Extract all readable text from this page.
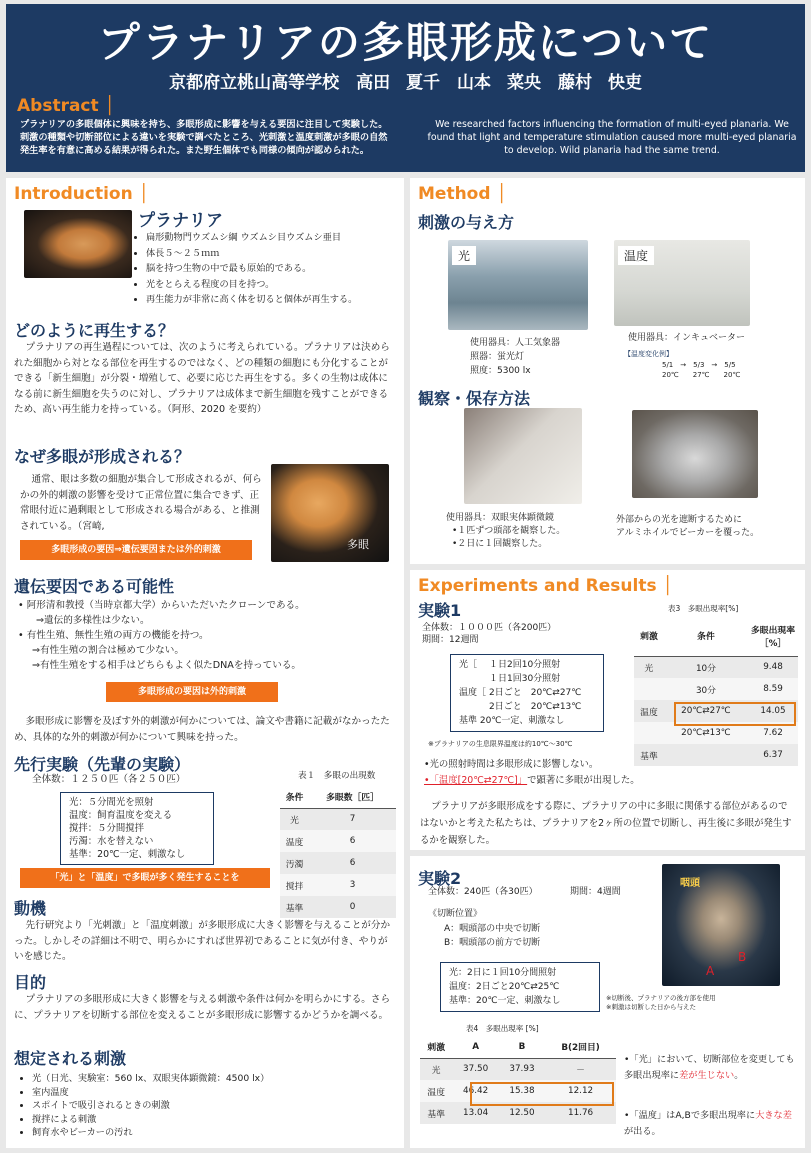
プラナリアの多眼形成について
京都府立桃山高等学校　高田 夏千　山本 菜央　藤村 快吏
Abstract │
プラナリアの多眼個体に興味を持ち、多眼形成に影響を与える要因に注目して実験した。刺激の種類や切断部位による違いを実験で調べたところ、光刺激と温度刺激が多眼の自然発生率を有意に高める結果が得られた。また野生個体でも同様の傾向が認められた。
We researched factors influencing the formation of multi-eyed planaria. We found that light and temperature stimulation caused more multi-eyed planaria to develop. Wild planaria had the same trend.
Introduction │
プラナリア
• 扁形動物門ウズムシ綱 ウズムシ目ウズムシ亜目
• 体長５～２５ｍｍ
• 脳を持つ生物の中で最も原始的である。
• 光をとらえる程度の目を持つ。
• 再生能力が非常に高く体を切ると個体が再生する。
どのように再生する？
プラナリアの再生過程については、次のように考えられている。プラナリアは決められた細胞から対となる部位を再生するのではなく、どの種類の細胞にも分化することができる「新生細胞」が分裂・増殖して、必要に応じた再生をする。多くの生物は成体になる前に新生細胞を失うのに対し、プラナリアは成体まで新生細胞を残すことができるため、高い再生能力を持っている。（阿形、2020 を要約）
なぜ多眼が形成される？
通常、眼は多数の細胞が集合して形成されるが、何らかの外的刺激の影響を受けて正常位置に集合できず、正常眼付近に過剰眼として形成される場合がある、と推測されている。（宮崎,
多眼
多眼形成の要因⇒遺伝要因または外的刺激
遺伝要因である可能性
• 阿形清和教授（当時京都大学）からいただいたクローンである。
⇒遺伝的多様性は少ない。
• 有性生殖、無性生殖の両方の機能を持つ。
⇒有性生殖の割合は極めて少ない。
⇒有性生殖をする相手はどちらもよく似たDNAを持っている。
多眼形成の要因は外的刺激
多眼形成に影響を及ぼす外的刺激が何かについては、論文や書籍に記載がなかったため、具体的な外的刺激が何かについて興味を持った。
先行実験（先輩の実験）
全体数：１２５０匹（各２５０匹）
光：５分間光を照射
温度：飼育温度を変える
撹拌：５分間撹拌
汚濁：水を替えない
基準：20℃一定、刺激なし
「光」と「温度」で多眼が多く発生することを
表１　多眼の出現数
条件	多眼数［匹］
光	7
温度	6
汚濁	6
撹拌	3
基準	0
動機
先行研究より「光刺激」と「温度刺激」が多眼形成に大きく影響を与えることが分かった。しかしその詳細は不明で、明らかにすれば世界初であることに気が付き、やりがいを感じた。
目的
プラナリアの多眼形成に大きく影響を与える刺激や条件は何かを明らかにする。さらに、プラナリアを切断する部位を変えることが多眼形成に影響するかどうかを調べる。
想定される刺激
• 光（日光、実験室：560 lx、双眼実体顕微鏡：4500 lx）
• 室内温度
• スポイトで吸引されるときの刺激
• 撹拌による刺激
• 飼育水やビーカーの汚れ
Method │
刺激の与え方
光	温度
使用器具：人工気象器
照器：蛍光灯
照度：5300 lx
使用器具：インキュベーター
【温度変化例】
5/1　→　5/3　→　5/5
20℃　　27℃　　20℃
観察・保存方法
使用器具：双眼実体顕微鏡
•１匹ずつ頭部を観察した。
•２日に１回観察した。
外部からの光を遮断するために
アルミホイルでビーカーを覆った。
Experiments and Results │
実験1
全体数：１０００匹（各200匹）
期間：12週間
光［	１日2回10分照射
１日1回30分照射
温度［ 2日ごと　20℃⇄27℃
2日ごと　20℃⇄13℃
基準 20℃一定、刺激なし
※プラナリアの生息限界温度は約10℃～30℃
•光の照射時間は多眼形成に影響しない。
•「温度[20℃⇄27℃]」で顕著に多眼が出現した。
プラナリアが多眼形成をする際に、プラナリアの中に多眼に関係する部位があるのではないかと考えた私たちは、プラナリアを2ヶ所の位置で切断し、再生後に多眼が発生するかを観察した。
表3　多眼出現率[%]
刺激	条件	多眼出現率［%］
光	10分	9.48
	30分	8.59
温度	20℃⇄27℃	14.05
	20℃⇄13℃	7.62
基準		6.37
実験2
全体数：240匹（各30匹）	期間：4週間
《切断位置》
A：咽頭部の中央で切断
B：咽頭部の前方で切断
光：2日に１回10分間照射
温度：2日ごと20℃⇄25℃
基準：20℃一定、刺激なし
咽頭
A
B
※切断後、プラナリアの後方部を使用
※刺激は切断した日から与えた
表4　多眼出現率 [%]
刺激	A	B	B(2回目)
光	37.50	37.93	－
温度	46.42	15.38	12.12
基準	13.04	12.50	11.76
•「光」において、切断部位を変更しても多眼出現率に差が生じない。
•「温度」はA,Bで多眼出現率に大きな差が出る。
